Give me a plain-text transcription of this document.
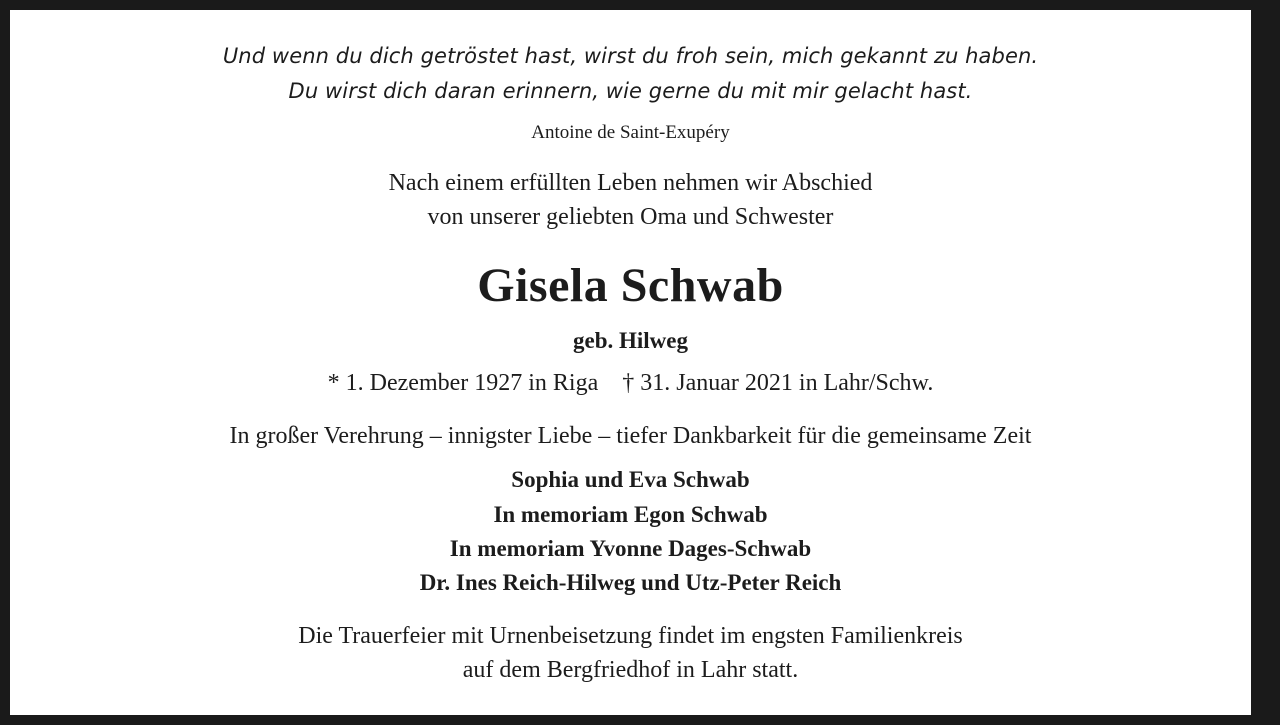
Und wenn du dich getröstet hast, wirst du froh sein, mich gekannt zu haben.
Du wirst dich daran erinnern, wie gerne du mit mir gelacht hast.
Antoine de Saint-Exupéry
Nach einem erfüllten Leben nehmen wir Abschied
von unserer geliebten Oma und Schwester
Gisela Schwab
geb. Hilweg
* 1. Dezember 1927 in Riga † 31. Januar 2021 in Lahr/Schw.
In großer Verehrung – innigster Liebe – tiefer Dankbarkeit für die gemeinsame Zeit
Sophia und Eva Schwab
In memoriam Egon Schwab
In memoriam Yvonne Dages-Schwab
Dr. Ines Reich-Hilweg und Utz-Peter Reich
Die Trauerfeier mit Urnenbeisetzung findet im engsten Familienkreis
auf dem Bergfriedhof in Lahr statt.
